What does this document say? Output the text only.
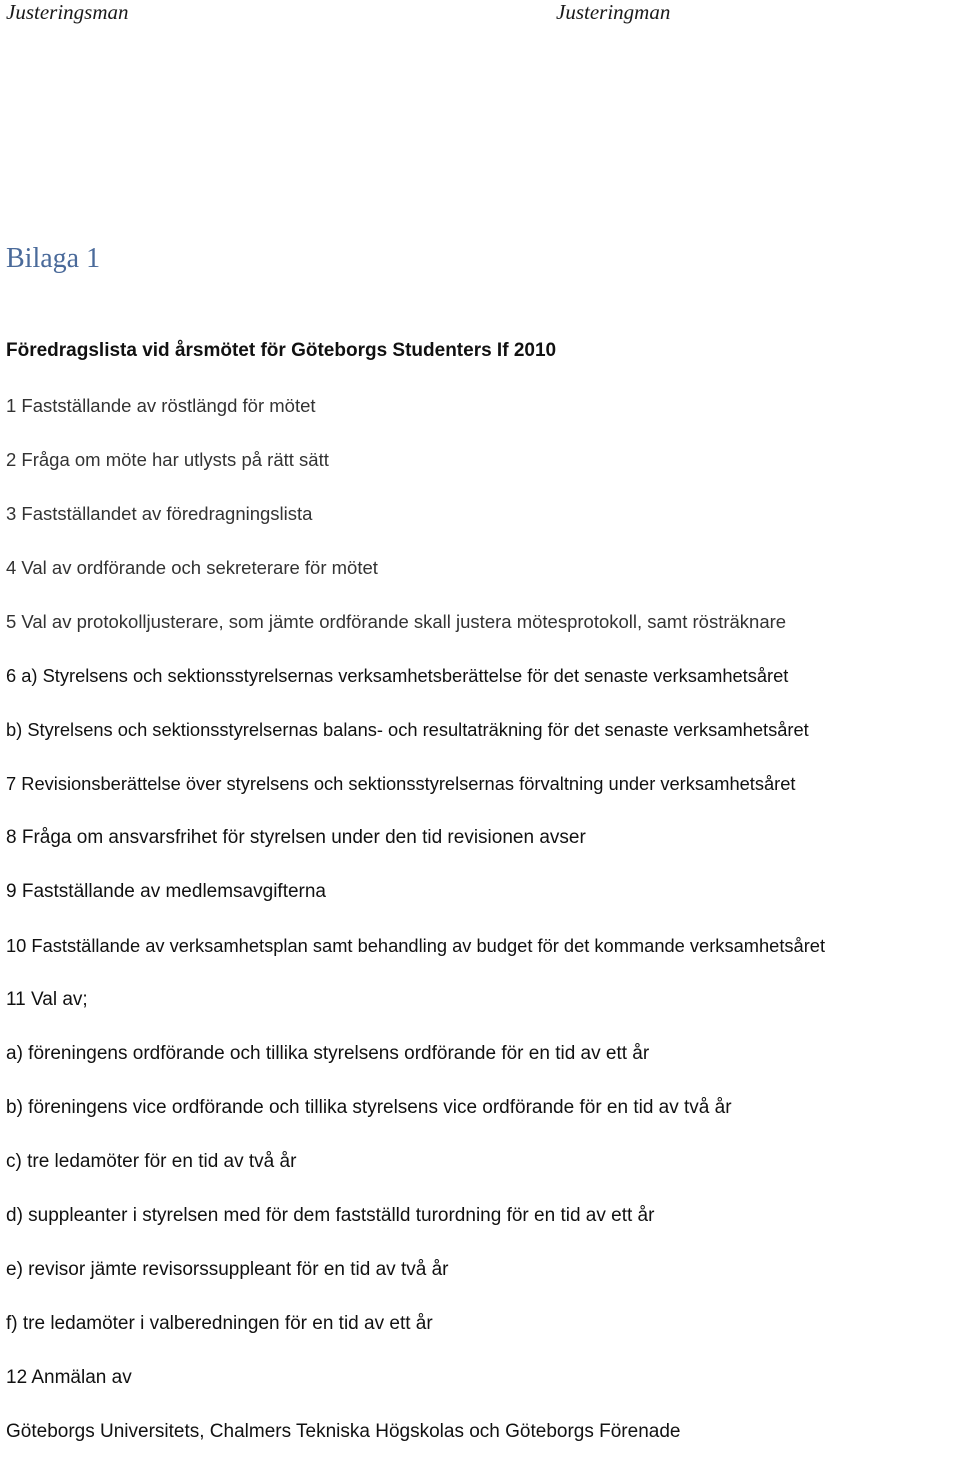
Justeringsman	Justeringman
Bilaga 1

Föredragslista vid årsmötet för Göteborgs Studenters If 2010

1 Fastställande av röstlängd för mötet
2 Fråga om möte har utlysts på rätt sätt
3 Fastställandet av föredragningslista
4 Val av ordförande och sekreterare för mötet
5 Val av protokolljusterare, som jämte ordförande skall justera mötesprotokoll, samt rösträknare
6 a) Styrelsens och sektionsstyrelsernas verksamhetsberättelse för det senaste verksamhetsåret
b) Styrelsens och sektionsstyrelsernas balans- och resultaträkning för det senaste verksamhetsåret
7 Revisionsberättelse över styrelsens och sektionsstyrelsernas förvaltning under verksamhetsåret
8 Fråga om ansvarsfrihet för styrelsen under den tid revisionen avser
9 Fastställande av medlemsavgifterna
10 Fastställande av verksamhetsplan samt behandling av budget för det kommande verksamhetsåret
11 Val av;
a) föreningens ordförande och tillika styrelsens ordförande för en tid av ett år
b) föreningens vice ordförande och tillika styrelsens vice ordförande för en tid av två år
c) tre ledamöter för en tid av två år
d) suppleanter i styrelsen med för dem fastställd turordning för en tid av ett år
e) revisor jämte revisorssuppleant för en tid av två år
f) tre ledamöter i valberedningen för en tid av ett år
12 Anmälan av
Göteborgs Universitets, Chalmers Tekniska Högskolas och Göteborgs Förenade
